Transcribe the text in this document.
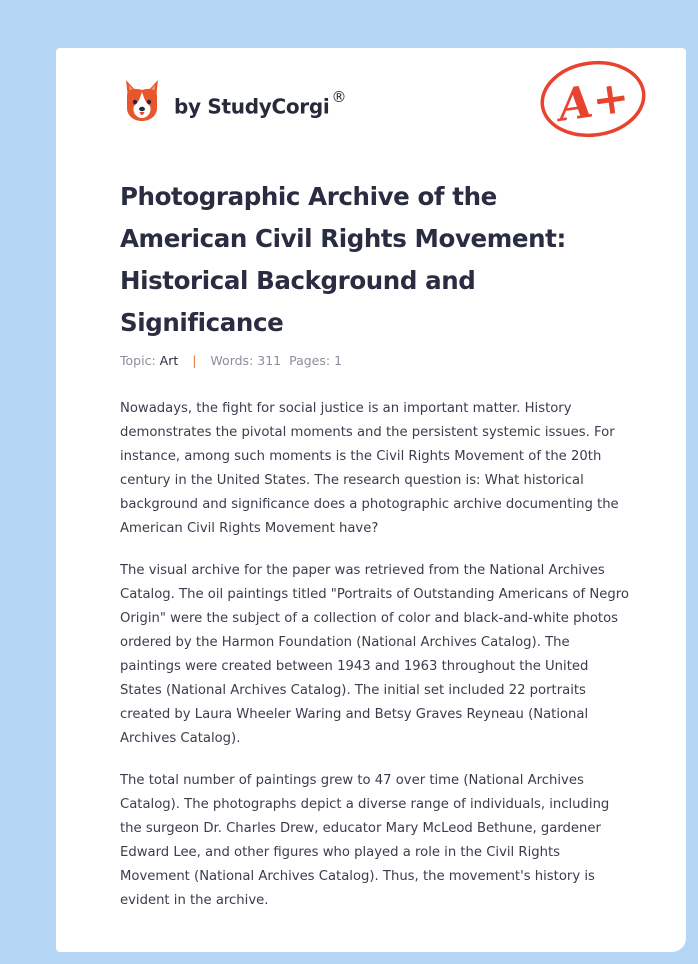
by StudyCorgi ®	A+
Photographic Archive of the American Civil Rights Movement: Historical Background and Significance
Topic: Art | Words: 311 Pages: 1

Nowadays, the fight for social justice is an important matter. History demonstrates the pivotal moments and the persistent systemic issues. For instance, among such moments is the Civil Rights Movement of the 20th century in the United States. The research question is: What historical background and significance does a photographic archive documenting the American Civil Rights Movement have?

The visual archive for the paper was retrieved from the National Archives Catalog. The oil paintings titled "Portraits of Outstanding Americans of Negro Origin" were the subject of a collection of color and black-and-white photos ordered by the Harmon Foundation (National Archives Catalog). The paintings were created between 1943 and 1963 throughout the United States (National Archives Catalog). The initial set included 22 portraits created by Laura Wheeler Waring and Betsy Graves Reyneau (National Archives Catalog).

The total number of paintings grew to 47 over time (National Archives Catalog). The photographs depict a diverse range of individuals, including the surgeon Dr. Charles Drew, educator Mary McLeod Bethune, gardener Edward Lee, and other figures who played a role in the Civil Rights Movement (National Archives Catalog). Thus, the movement's history is evident in the archive.
